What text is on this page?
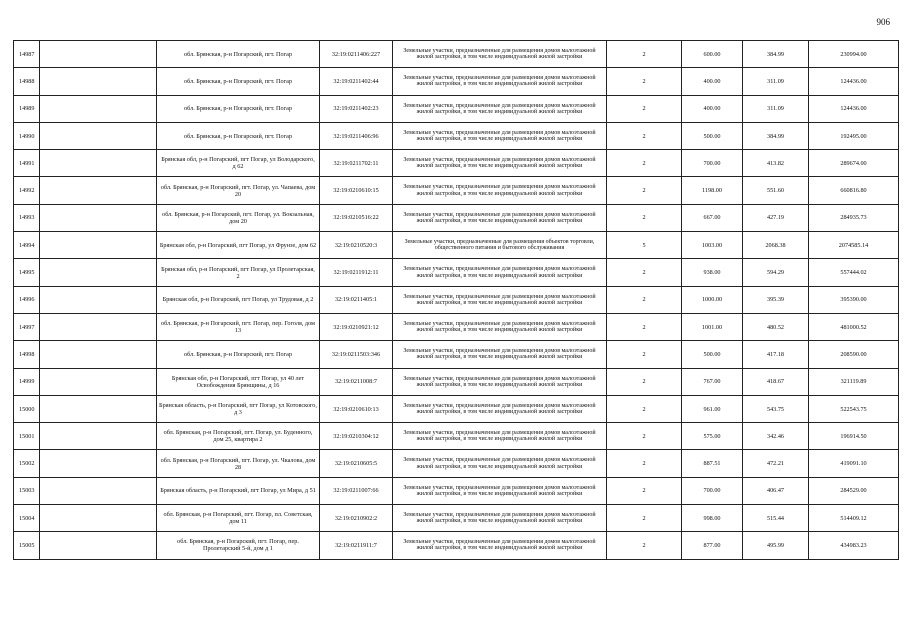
906
14987		обл. Брянская, р-н Погарский, пгт. Погар	32:19:0211406:227	Земельные участки, предназначенные для размещения домов малоэтажной жилой застройки, в том числе индивидуальной жилой застройки	2	600.00	384.99	230994.00
14988		обл. Брянская, р-н Погарский, пгт. Погар	32:19:0211402:44	Земельные участки, предназначенные для размещения домов малоэтажной жилой застройки, в том числе индивидуальной жилой застройки	2	400.00	311.09	124436.00
14989		обл. Брянская, р-н Погарский, пгт. Погар	32:19:0211402:23	Земельные участки, предназначенные для размещения домов малоэтажной жилой застройки, в том числе индивидуальной жилой застройки	2	400.00	311.09	124436.00
14990		обл. Брянская, р-н Погарский, пгт. Погар	32:19:0211406:96	Земельные участки, предназначенные для размещения домов малоэтажной жилой застройки, в том числе индивидуальной жилой застройки	2	500.00	384.99	192495.00
14991		Брянская обл, р-н Погарский, пгт Погар, ул Володарского, д 62	32:19:0211702:11	Земельные участки, предназначенные для размещения домов малоэтажной жилой застройки, в том числе индивидуальной жилой застройки	2	700.00	413.82	289674.00
14992		обл. Брянская, р-н Погарский, пгт. Погар, ул. Чапаева, дом 20	32:19:0210610:15	Земельные участки, предназначенные для размещения домов малоэтажной жилой застройки, в том числе индивидуальной жилой застройки	2	1198.00	551.60	660816.80
14993		обл. Брянская, р-н Погарский, пгт. Погар, ул. Вокзальная, дом 20	32:19:0210516:22	Земельные участки, предназначенные для размещения домов малоэтажной жилой застройки, в том числе индивидуальной жилой застройки	2	667.00	427.19	284935.73
14994		Брянская обл, р-н Погарский, пгт Погар, ул Фрунзе, дом 62	32:19:0210520:3	Земельные участки, предназначенные для размещения объектов торговли, общественного питания и бытового обслуживания	5	1003.00	2068.38	2074585.14
14995		Брянская обл, р-н Погарский, пгт Погар, ул Пролетарская, 2	32:19:0211912:11	Земельные участки, предназначенные для размещения домов малоэтажной жилой застройки, в том числе индивидуальной жилой застройки	2	938.00	594.29	557444.02
14996		Брянская обл, р-н Погарский, пгт Погар, ул Трудовая, д 2	32:19:0211405:1	Земельные участки, предназначенные для размещения домов малоэтажной жилой застройки, в том числе индивидуальной жилой застройки	2	1000.00	395.39	395390.00
14997		обл. Брянская, р-н Погарский, пгт. Погар, пер. Гоголя, дом 13	32:19:0210921:12	Земельные участки, предназначенные для размещения домов малоэтажной жилой застройки, в том числе индивидуальной жилой застройки	2	1001.00	480.52	481000.52
14998		обл. Брянская, р-н Погарский, пгт. Погар	32:19:0211503:346	Земельные участки, предназначенные для размещения домов малоэтажной жилой застройки, в том числе индивидуальной жилой застройки	2	500.00	417.18	208590.00
14999		Брянская обл, р-н Погарский, пгт Погар, ул 40 лет Освобождения Брянщины, д 16	32:19:0211008:7	Земельные участки, предназначенные для размещения домов малоэтажной жилой застройки, в том числе индивидуальной жилой застройки	2	767.00	418.67	321119.89
15000		Брянская область, р-н Погарский, пгт Погар, ул Котовского, д 3	32:19:0210610:13	Земельные участки, предназначенные для размещения домов малоэтажной жилой застройки, в том числе индивидуальной жилой застройки	2	961.00	543.75	522543.75
15001		обл. Брянская, р-н Погарский, пгт. Погар, ул. Буденного, дом 25, квартира 2	32:19:0210304:12	Земельные участки, предназначенные для размещения домов малоэтажной жилой застройки, в том числе индивидуальной жилой застройки	2	575.00	342.46	196914.50
15002		обл. Брянская, р-н Погарский, пгт. Погар, ул. Чкалова, дом 28	32:19:0210605:5	Земельные участки, предназначенные для размещения домов малоэтажной жилой застройки, в том числе индивидуальной жилой застройки	2	887.51	472.21	419091.10
15003		Брянская область, р-н Погарский, пгт Погар, ул Мира, д 51	32:19:0211007:66	Земельные участки, предназначенные для размещения домов малоэтажной жилой застройки, в том числе индивидуальной жилой застройки	2	700.00	406.47	284529.00
15004		обл. Брянская, р-н Погарский, пгт. Погар, пл. Советская, дом 11	32:19:0210902:2	Земельные участки, предназначенные для размещения домов малоэтажной жилой застройки, в том числе индивидуальной жилой застройки	2	998.00	515.44	514409.12
15005		обл. Брянская, р-н Погарский, пгт. Погар, пер. Пролетарский 5-й, дом д 1	32:19:0211911:7	Земельные участки, предназначенные для размещения домов малоэтажной жилой застройки, в том числе индивидуальной жилой застройки	2	877.00	495.99	434983.23
